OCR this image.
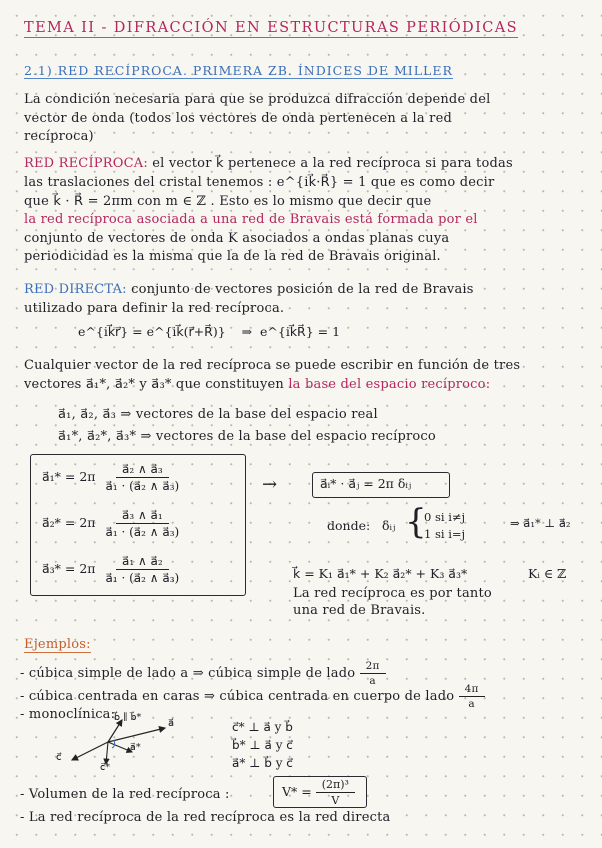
TEMA II - DIFRACCIÓN EN ESTRUCTURAS PERIÓDICAS
2.1) RED RECÍPROCA. PRIMERA ZB. ÍNDICES DE MILLER
La condición necesaria para que se produzca difracción depende del
vector de onda (todos los vectores de onda pertenecen a la red
recíproca)
RED RECÍPROCA: el vector k⃗ pertenece a la red recíproca si para todas
las traslaciones del cristal tenemos : e^{ik⃗·R⃗} = 1 que es como decir
que k⃗ · R⃗ = 2πm con m ∈ ℤ . Esto es lo mismo que decir que
la red recíproca asociada a una red de Bravais está formada por el
conjunto de vectores de onda K asociados a ondas planas cuya
periodicidad es la misma que la de la red de Bravais original.
RED DIRECTA: conjunto de vectores posición de la red de Bravais
utilizado para definir la red recíproca.
e^{ik⃗r⃗} = e^{ik⃗(r⃗+R⃗)} ⇒ e^{ik⃗R⃗} = 1
Cualquier vector de la red recíproca se puede escribir en función de tres
vectores a⃗₁*, a⃗₂* y a⃗₃* que constituyen la base del espacio recíproco:
a⃗₁, a⃗₂, a⃗₃ ⇒ vectores de la base del espacio real
a⃗₁*, a⃗₂*, a⃗₃* ⇒ vectores de la base del espacio recíproco
a⃗₁* = $2\pi \frac{\text{a⃗₂ ∧ a⃗₃}}{\text{a⃗₁ · (a⃗₂ ∧ a⃗₃)}}$
a⃗₂* = $2\pi \frac{\text{a⃗₃ ∧ a⃗₁}}{\text{a⃗₁ · (a⃗₂ ∧ a⃗₃)}}$
a⃗₃* = $2\pi \frac{\text{a⃗₁ ∧ a⃗₂}}{\text{a⃗₁ · (a⃗₂ ∧ a⃗₃)}}$
→	a⃗ᵢ* · a⃗ⱼ = 2π δᵢⱼ
donde: δᵢⱼ {
0 si i≠j
1 si i=j
⇒ a⃗₁* ⊥ a⃗₂
k⃗ = K₁ a⃗₁* + K₂ a⃗₂* + K₃ a⃗₃*	Kᵢ ∈ ℤ
La red recíproca es por tanto
una red de Bravais.
Ejemplos:
- cúbica simple de lado a ⇒ cúbica simple de lado $\frac{2\pi}{a}$
- cúbica centrada en caras ⇒ cúbica centrada en cuerpo de lado $\frac{4\pi}{a}$
- monoclínica:
b⃗ ∥ b⃗*
a⃗
a⃗*
c⃗
c⃗*
c⃗* ⊥ a⃗ y b⃗
b⃗* ⊥ a⃗ y c⃗
a⃗* ⊥ b⃗ y c⃗
- Volumen de la red recíproca :	$V* = \frac{\text{(2π)³}}{V}$
- La red recíproca de la red recíproca es la red directa
